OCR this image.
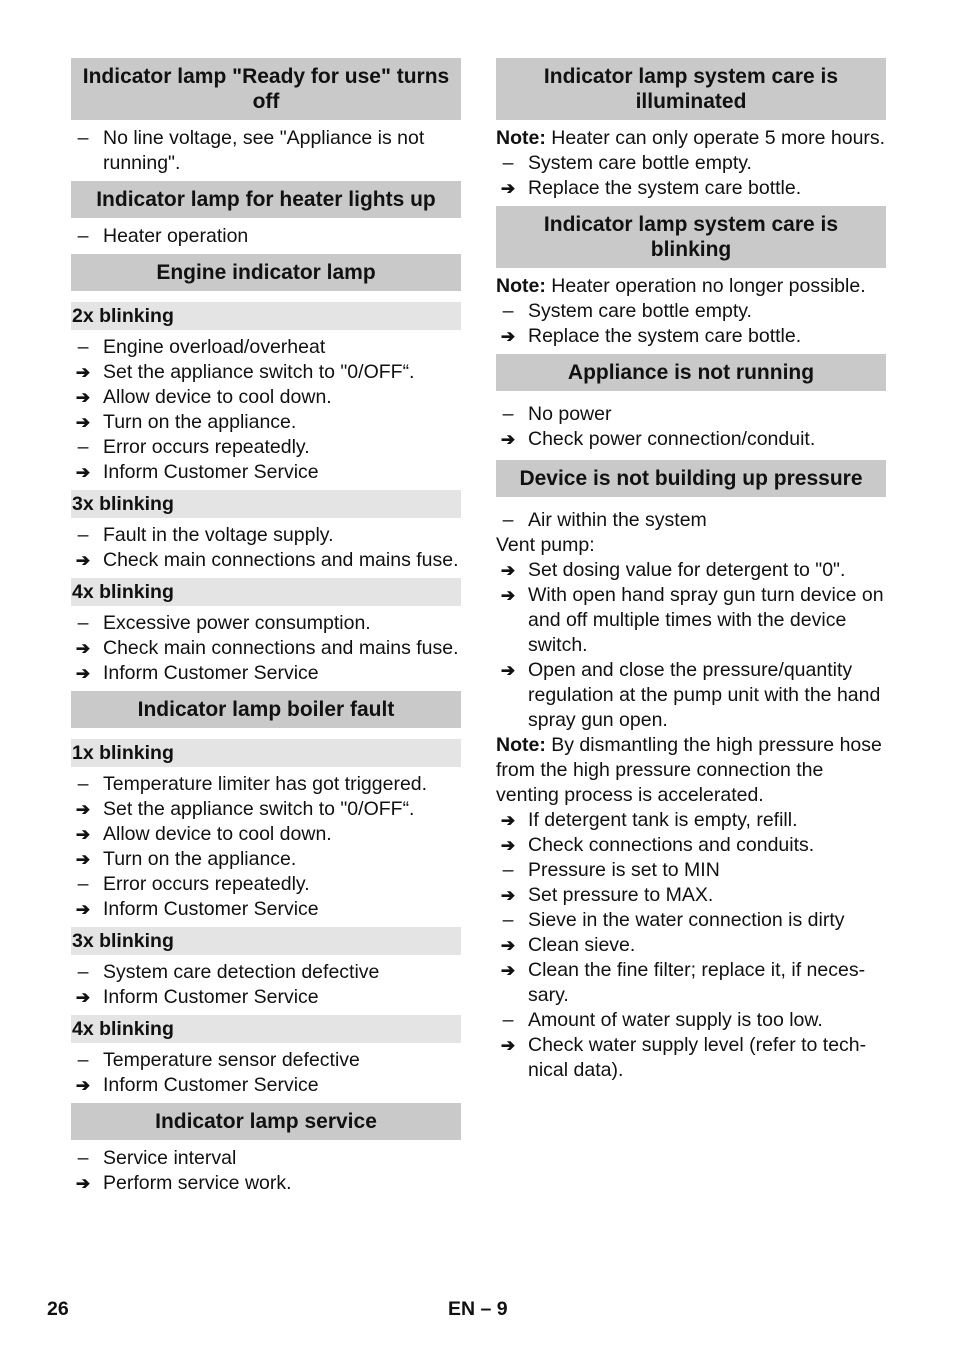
Indicator lamp "Ready for use" turns off
– No line voltage, see "Appliance is not running".
Indicator lamp for heater lights up
– Heater operation
Engine indicator lamp
2x blinking
– Engine overload/overheat
➔ Set the appliance switch to "0/OFF“.
➔ Allow device to cool down.
➔ Turn on the appliance.
– Error occurs repeatedly.
➔ Inform Customer Service
3x blinking
– Fault in the voltage supply.
➔ Check main connections and mains fuse.
4x blinking
– Excessive power consumption.
➔ Check main connections and mains fuse.
➔ Inform Customer Service
Indicator lamp boiler fault
1x blinking
– Temperature limiter has got triggered.
➔ Set the appliance switch to "0/OFF“.
➔ Allow device to cool down.
➔ Turn on the appliance.
– Error occurs repeatedly.
➔ Inform Customer Service
3x blinking
– System care detection defective
➔ Inform Customer Service
4x blinking
– Temperature sensor defective
➔ Inform Customer Service
Indicator lamp service
– Service interval
➔ Perform service work.
Indicator lamp system care is illuminated
Note: Heater can only operate 5 more hours.
– System care bottle empty.
➔ Replace the system care bottle.
Indicator lamp system care is blinking
Note: Heater operation no longer possible.
– System care bottle empty.
➔ Replace the system care bottle.
Appliance is not running
– No power
➔ Check power connection/conduit.
Device is not building up pressure
– Air within the system
Vent pump:
➔ Set dosing value for detergent to "0".
➔ With open hand spray gun turn device on and off multiple times with the device switch.
➔ Open and close the pressure/quantity regulation at the pump unit with the hand spray gun open.
Note: By dismantling the high pressure hose from the high pressure connection the venting process is accelerated.
➔ If detergent tank is empty, refill.
➔ Check connections and conduits.
– Pressure is set to MIN
➔ Set pressure to MAX.
– Sieve in the water connection is dirty
➔ Clean sieve.
➔ Clean the fine filter; replace it, if neces-sary.
– Amount of water supply is too low.
➔ Check water supply level (refer to tech-nical data).
26	EN – 9
